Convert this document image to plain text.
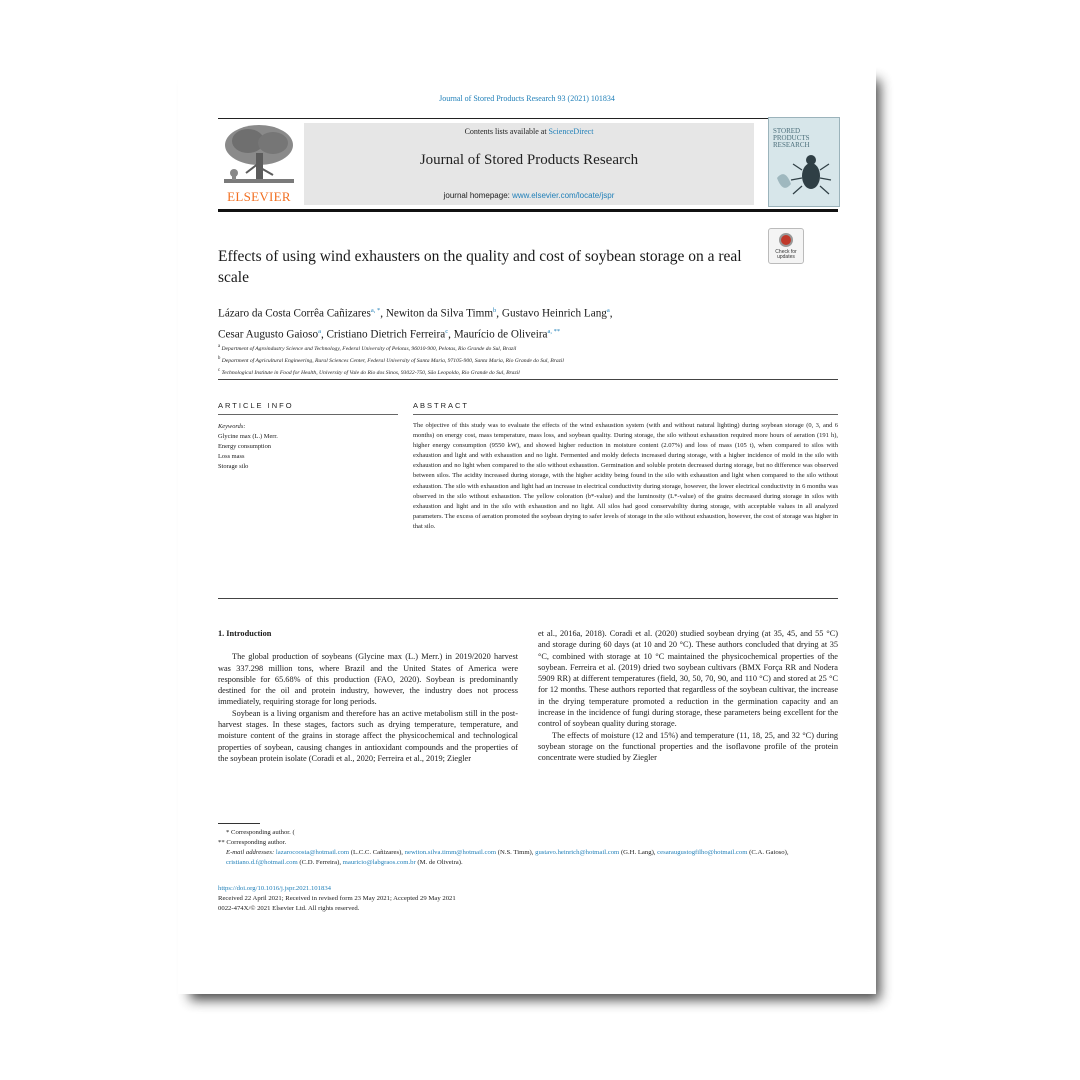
Journal of Stored Products Research 93 (2021) 101834
ELSEVIER
Contents lists available at ScienceDirect
Journal of Stored Products Research
journal homepage: www.elsevier.com/locate/jspr
STORED PRODUCTS RESEARCH
Effects of using wind exhausters on the quality and cost of soybean storage on a real scale
Check for updates
Lázaro da Costa Corrêa Cañizares$^{a, *}$, Newiton da Silva Timm$^b$, Gustavo Heinrich Lang$^a$,
Cesar Augusto Gaioso$^a$, Cristiano Dietrich Ferreira$^c$, Maurício de Oliveira$^{a, **}$
$^a$ Department of Agroindustry Science and Technology, Federal University of Pelotas, 96010-900, Pelotas, Rio Grande do Sul, Brazil
$^b$ Department of Agricultural Engineering, Rural Sciences Center, Federal University of Santa Maria, 97105-900, Santa Maria, Rio Grande do Sul, Brazil
$^c$ Technological Institute in Food for Health, University of Vale do Rio dos Sinos, 93022-750, São Leopoldo, Rio Grande do Sul, Brazil
ARTICLE INFO
Keywords:
Glycine max (L.) Merr.
Energy consumption
Loss mass
Storage silo
ABSTRACT
The objective of this study was to evaluate the effects of the wind exhaustion system (with and without natural lighting) during soybean storage (0, 3, and 6 months) on energy cost, mass temperature, mass loss, and soybean quality. During storage, the silo without exhaustion required more hours of aeration (191 h), higher energy consumption (9550 kW), and showed higher reduction in moisture content (2.07%) and loss of mass (105 t), when compared to silos with exhaustion and light and with exhaustion and no light. Fermented and moldy defects increased during storage, with a higher incidence of mold in the silo with exhaustion and no light when compared to the silo without exhaustion. Germination and soluble protein decreased during storage, but no difference was observed between silos. The acidity increased during storage, with the higher acidity being found in the silo with exhaustion and light when compared to the silo without exhaustion. The silo with exhaustion and light had an increase in electrical conductivity during storage, however, the lower electrical conductivity in 6 months was observed in the silo without exhaustion. The yellow coloration (b*-value) and the luminosity (L*-value) of the grains decreased during storage in silos with exhaustion and light and in the silo with exhaustion and no light. All silos had good conservability during storage, with acceptable values in all analyzed parameters. The excess of aeration promoted the soybean drying to safer levels of storage in the silo without exhaustion, however, the cost of storage was higher in that silo.
1. Introduction

The global production of soybeans (Glycine max (L.) Merr.) in 2019/2020 harvest was 337.298 million tons, where Brazil and the United States of America were responsible for 65.68% of this production (FAO, 2020). Soybean is predominantly destined for the oil and protein industry, however, the industry does not process immediately, requiring storage for long periods.

Soybean is a living organism and therefore has an active metabolism still in the post-harvest stages. In these stages, factors such as drying temperature, temperature, and moisture content of the grains in storage affect the physicochemical and technological properties of soybean, causing changes in antioxidant compounds and the properties of the soybean protein isolate (Coradi et al., 2020; Ferreira et al., 2019; Ziegler

et al., 2016a, 2018). Coradi et al. (2020) studied soybean drying (at 35, 45, and 55 °C) and storage during 60 days (at 10 and 20 °C). These authors concluded that drying at 35 °C, combined with storage at 10 °C maintained the physicochemical properties of the soybean. Ferreira et al. (2019) dried two soybean cultivars (BMX Força RR and Nodera 5909 RR) at different temperatures (field, 30, 50, 70, 90, and 110 °C) and stored at 25 °C for 12 months. These authors reported that regardless of the soybean cultivar, the increase in the drying temperature promoted a reduction in the germination capacity and an increase in the incidence of fungi during storage, these parameters being excellent for the control of soybean quality during storage.

The effects of moisture (12 and 15%) and temperature (11, 18, 25, and 32 °C) during soybean storage on the functional properties and the isoflavone profile of the protein concentrate were studied by Ziegler

* Corresponding author. (

** Corresponding author.

E-mail addresses: lazarocoosta@hotmail.com (L.C.C. Cañizares), newiton.silva.timm@hotmail.com (N.S. Timm), gustavo.heinrich@hotmail.com (G.H. Lang), cesaraugustogfilho@hotmail.com (C.A. Gaioso), cristiano.d.f@hotmail.com (C.D. Ferreira), mauricio@labgraos.com.br (M. de Oliveira).

https://doi.org/10.1016/j.jspr.2021.101834
Received 22 April 2021; Received in revised form 23 May 2021; Accepted 29 May 2021
0022-474X/© 2021 Elsevier Ltd. All rights reserved.
